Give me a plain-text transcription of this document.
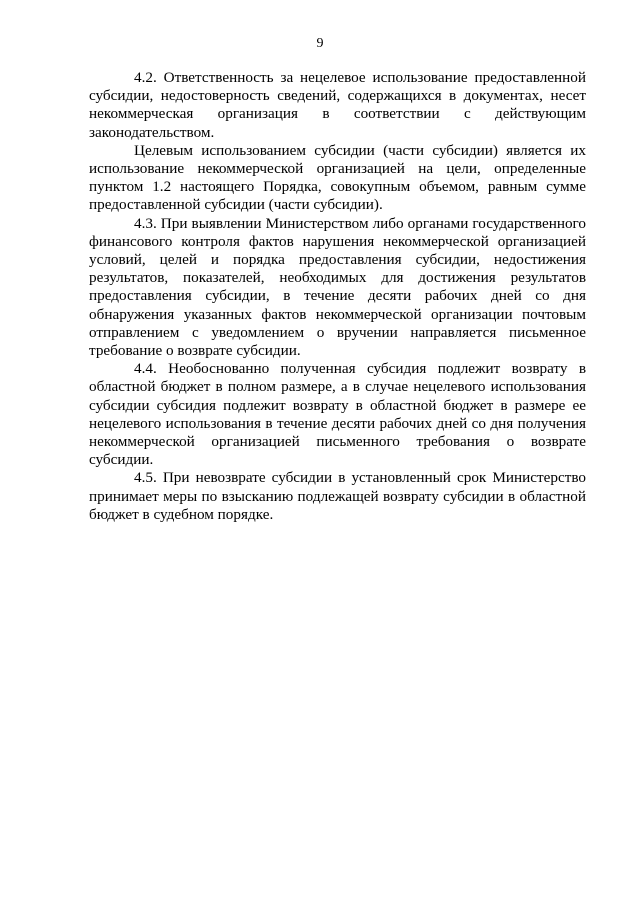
9

4.2. Ответственность за нецелевое использование предоставленной субсидии, недостоверность сведений, содержащихся в документах, несет некоммерческая организация в соответствии с действующим законодательством.

Целевым использованием субсидии (части субсидии) является их использование некоммерческой организацией на цели, определенные пунктом 1.2 настоящего Порядка, совокупным объемом, равным сумме предоставленной субсидии (части субсидии).

4.3. При выявлении Министерством либо органами государственного финансового контроля фактов нарушения некоммерческой организацией условий, целей и порядка предоставления субсидии, недостижения результатов, показателей, необходимых для достижения результатов предоставления субсидии, в течение десяти рабочих дней со дня обнаружения указанных фактов некоммерческой организации почтовым отправлением с уведомлением о вручении направляется письменное требование о возврате субсидии.

4.4. Необоснованно полученная субсидия подлежит возврату в областной бюджет в полном размере, а в случае нецелевого использования субсидии субсидия подлежит возврату в областной бюджет в размере ее нецелевого использования в течение десяти рабочих дней со дня получения некоммерческой организацией письменного требования о возврате субсидии.

4.5. При невозврате субсидии в установленный срок Министерство принимает меры по взысканию подлежащей возврату субсидии в областной бюджет в судебном порядке.
